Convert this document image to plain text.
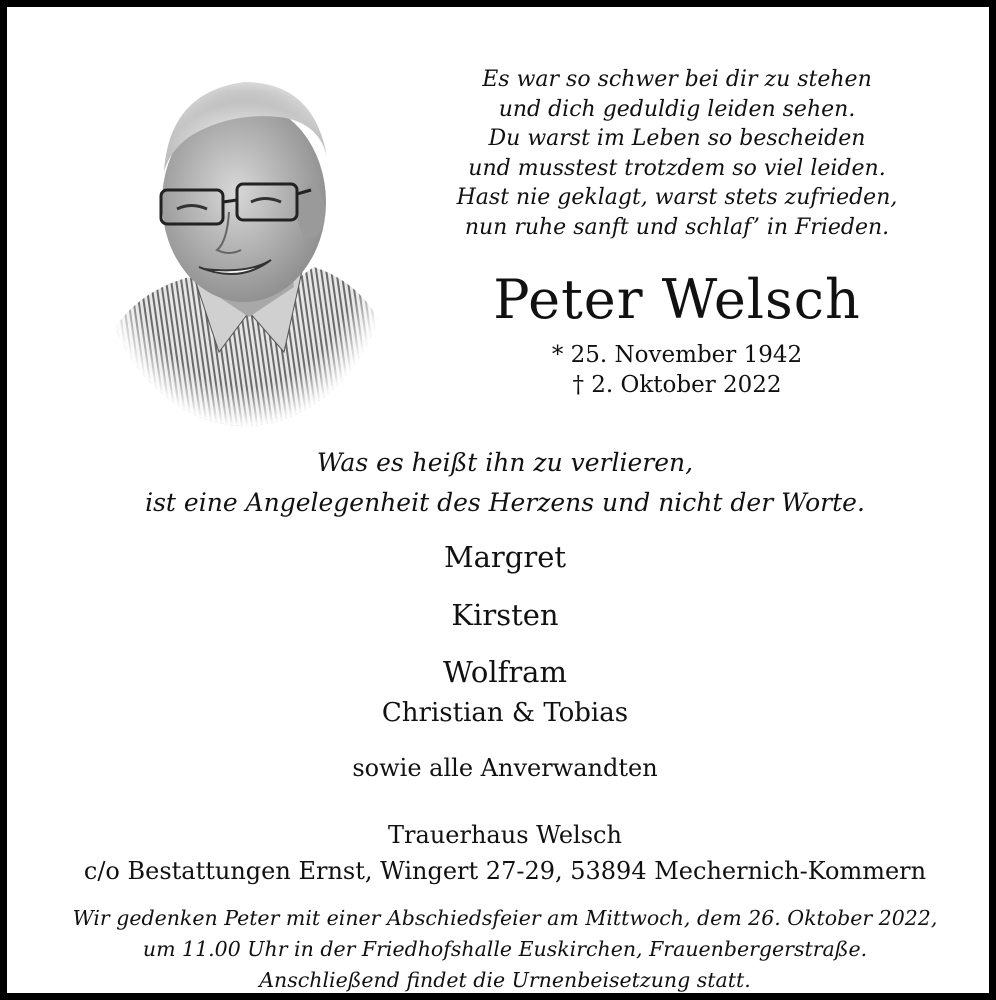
Es war so schwer bei dir zu stehen
und dich geduldig leiden sehen.
Du warst im Leben so bescheiden
und musstest trotzdem so viel leiden.
Hast nie geklagt, warst stets zufrieden,
nun ruhe sanft und schlaf’ in Frieden.
Peter Welsch
* 25. November 1942
† 2. Oktober 2022
Was es heißt ihn zu verlieren,
ist eine Angelegenheit des Herzens und nicht der Worte.
Margret
Kirsten
Wolfram
Christian & Tobias
sowie alle Anverwandten
Trauerhaus Welsch
c/o Bestattungen Ernst, Wingert 27-29, 53894 Mechernich-Kommern
Wir gedenken Peter mit einer Abschiedsfeier am Mittwoch, dem 26. Oktober 2022,
um 11.00 Uhr in der Friedhofshalle Euskirchen, Frauenbergerstraße.
Anschließend findet die Urnenbeisetzung statt.
